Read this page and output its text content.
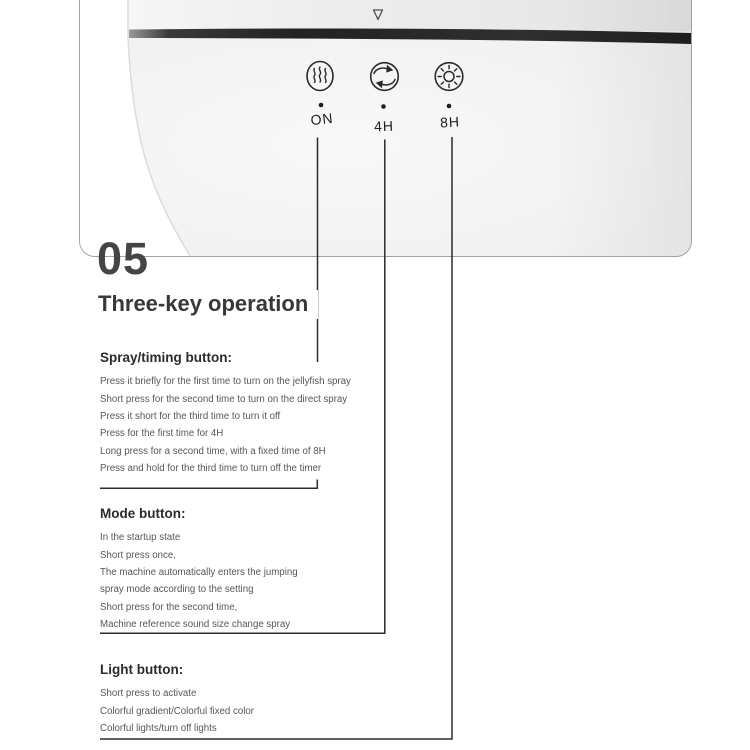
ON	4H	8H
05
Three-key operation
Spray/timing button:
Press it briefly for the first time to turn on the jellyfish spray
Short press for the second time to turn on the direct spray
Press it short for the third time to turn it off
Press for the first time for 4H
Long press for a second time, with a fixed time of 8H
Press and hold for the third time to turn off the timer
Mode button:
In the startup state
Short press once,
The machine automatically enters the jumping
spray mode according to the setting
Short press for the second time,
Machine reference sound size change spray
Light button:
Short press to activate
Colorful gradient/Colorful fixed color
Colorful lights/turn off lights
